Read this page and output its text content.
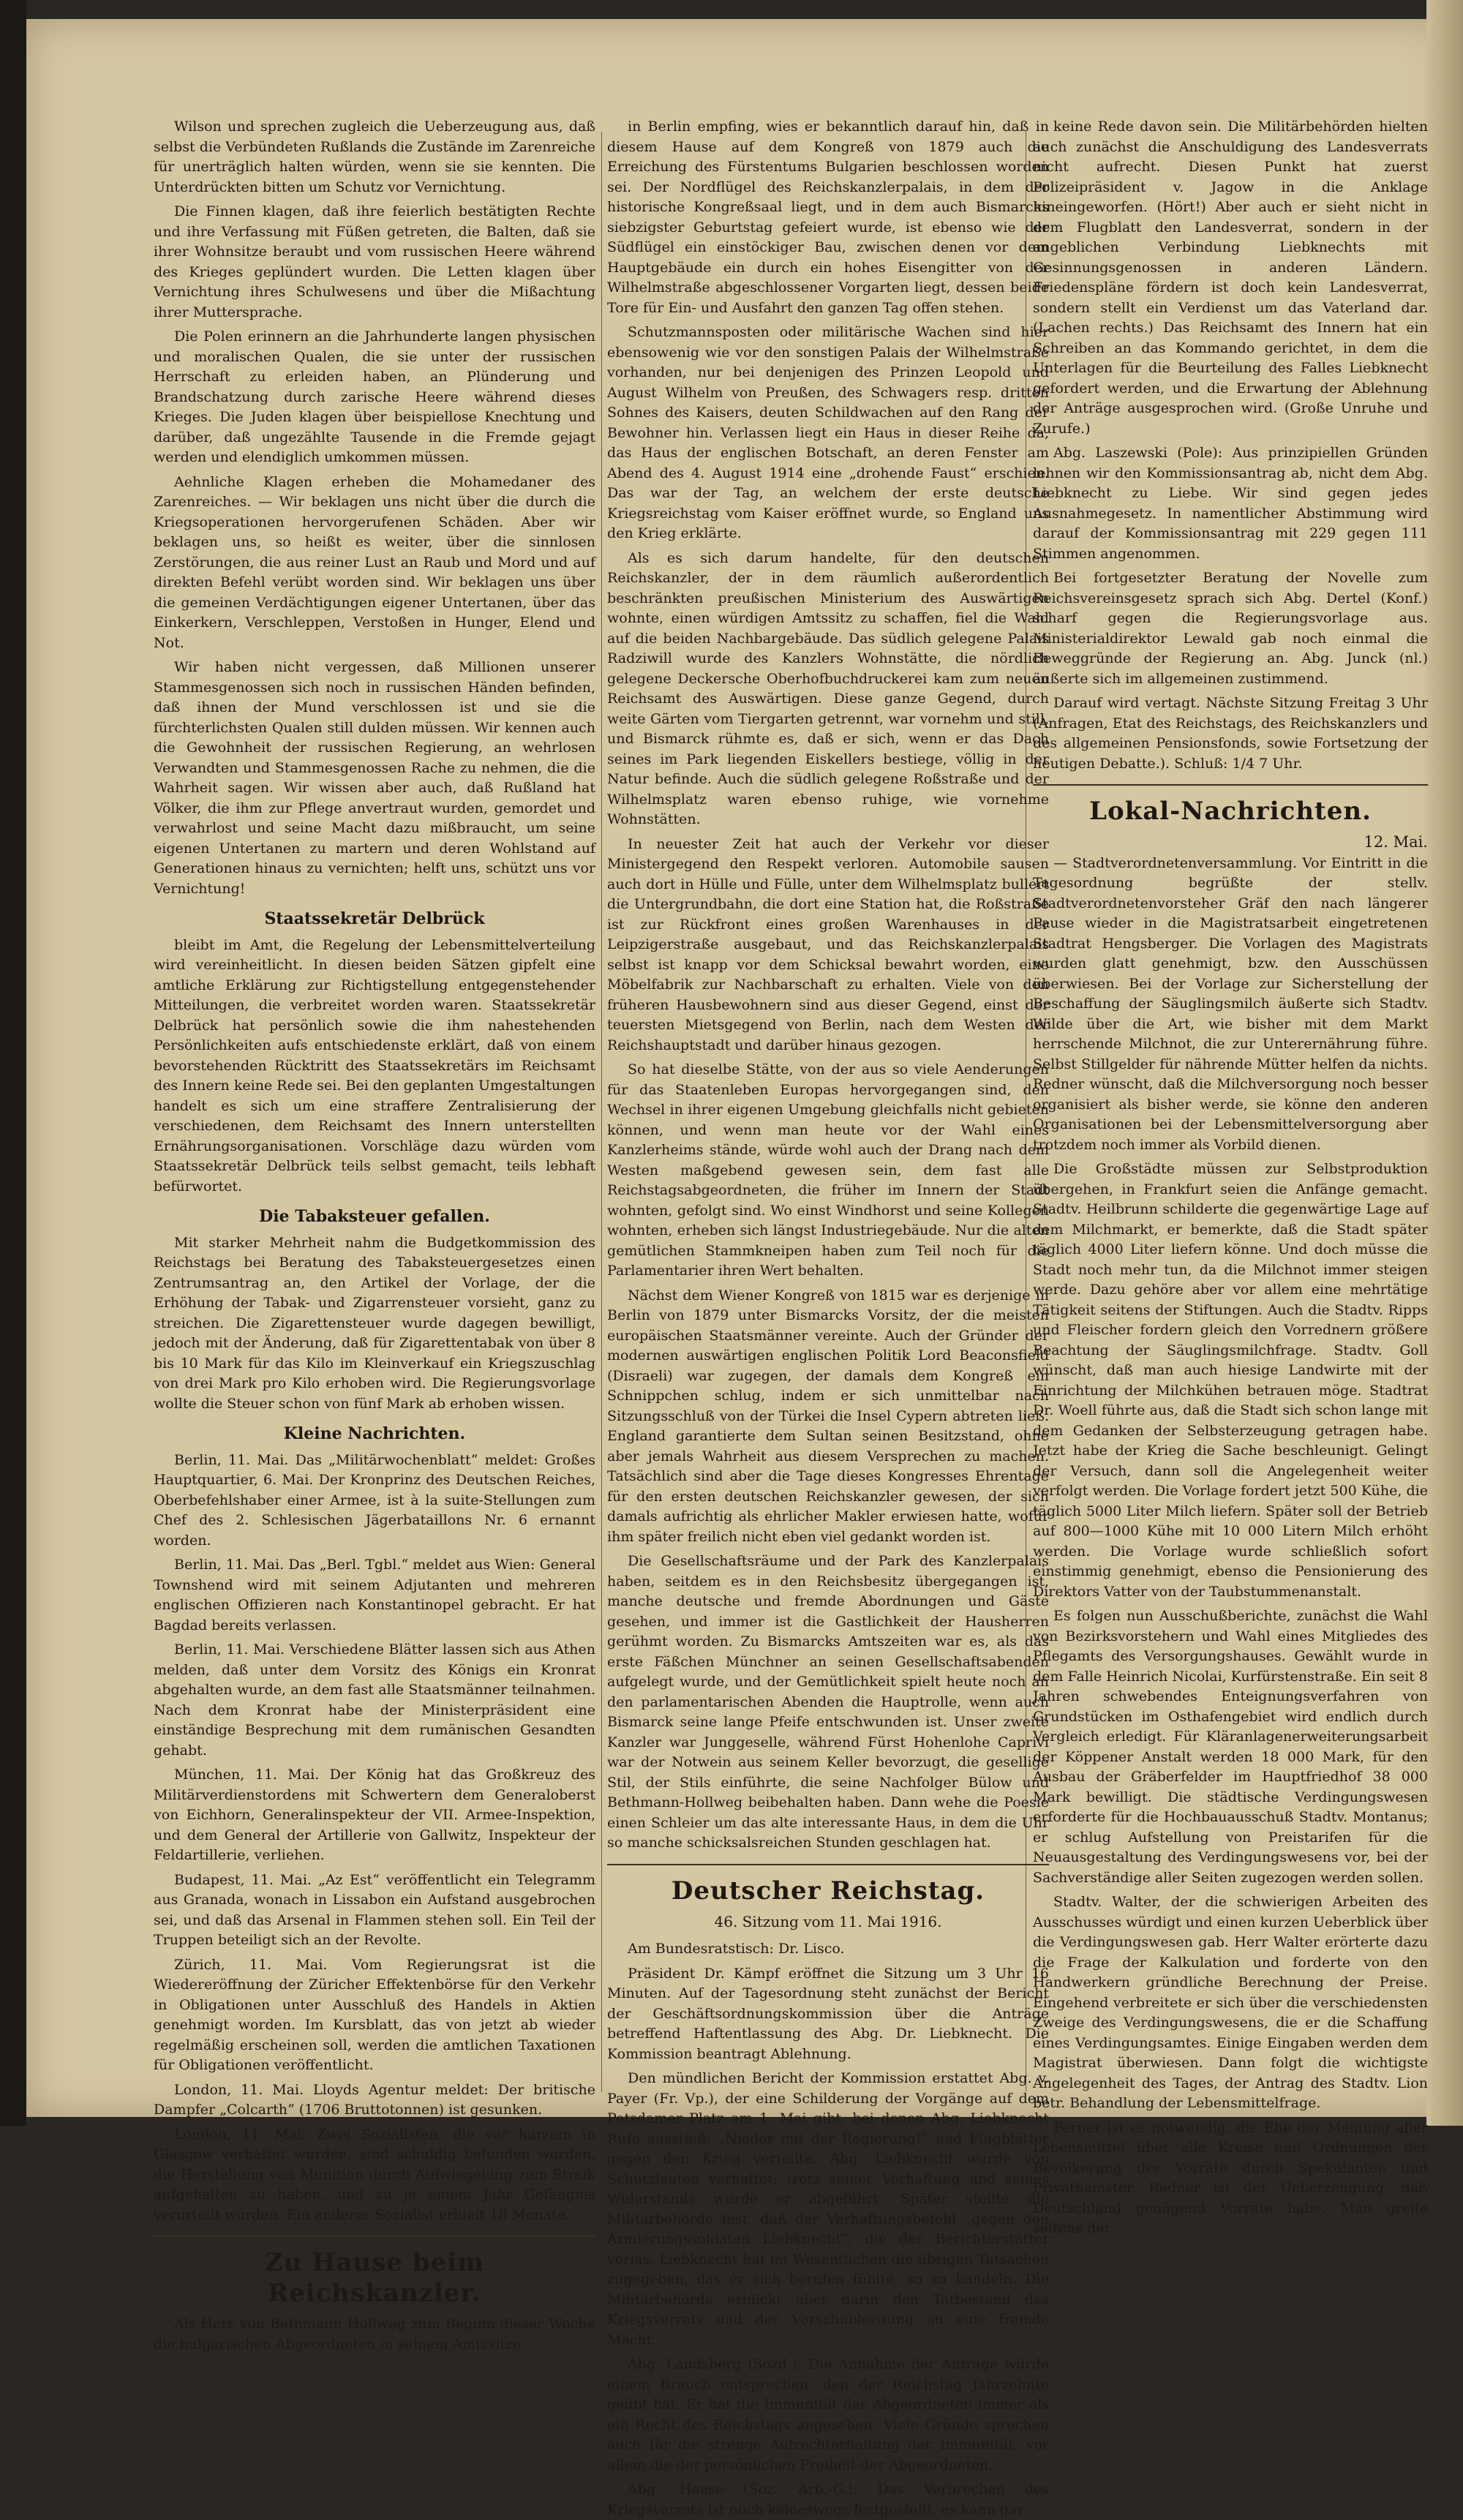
Wilson und sprechen zugleich die Ueberzeugung aus, daß selbst die Verbündeten Rußlands die Zustände im Zarenreiche für unerträglich halten würden, wenn sie sie kennten. Die Unterdrückten bitten um Schutz vor Vernichtung.

Die Finnen klagen, daß ihre feierlich bestätigten Rechte und ihre Verfassung mit Füßen getreten, die Balten, daß sie ihrer Wohnsitze beraubt und vom russischen Heere während des Krieges geplündert wurden. Die Letten klagen über Vernichtung ihres Schulwesens und über die Mißachtung ihrer Muttersprache.

Die Polen erinnern an die Jahrhunderte langen physischen und moralischen Qualen, die sie unter der russischen Herrschaft zu erleiden haben, an Plünderung und Brandschatzung durch zarische Heere während dieses Krieges. Die Juden klagen über beispiellose Knechtung und darüber, daß ungezählte Tausende in die Fremde gejagt werden und elendiglich umkommen müssen.

Aehnliche Klagen erheben die Mohamedaner des Zarenreiches. — Wir beklagen uns nicht über die durch die Kriegsoperationen hervorgerufenen Schäden. Aber wir beklagen uns, so heißt es weiter, über die sinnlosen Zerstörungen, die aus reiner Lust an Raub und Mord und auf direkten Befehl verübt worden sind. Wir beklagen uns über die gemeinen Verdächtigungen eigener Untertanen, über das Einkerkern, Verschleppen, Verstoßen in Hunger, Elend und Not.

Wir haben nicht vergessen, daß Millionen unserer Stammesgenossen sich noch in russischen Händen befinden, daß ihnen der Mund verschlossen ist und sie die fürchterlichsten Qualen still dulden müssen. Wir kennen auch die Gewohnheit der russischen Regierung, an wehrlosen Verwandten und Stammesgenossen Rache zu nehmen, die die Wahrheit sagen. Wir wissen aber auch, daß Rußland hat Völker, die ihm zur Pflege anvertraut wurden, gemordet und verwahrlost und seine Macht dazu mißbraucht, um seine eigenen Untertanen zu martern und deren Wohlstand auf Generationen hinaus zu vernichten; helft uns, schützt uns vor Vernichtung!

Staatssekretär Delbrück

bleibt im Amt, die Regelung der Lebensmittelverteilung wird vereinheitlicht. In diesen beiden Sätzen gipfelt eine amtliche Erklärung zur Richtigstellung entgegenstehender Mitteilungen, die verbreitet worden waren. Staatssekretär Delbrück hat persönlich sowie die ihm nahestehenden Persönlichkeiten aufs entschiedenste erklärt, daß von einem bevorstehenden Rücktritt des Staatssekretärs im Reichsamt des Innern keine Rede sei. Bei den geplanten Umgestaltungen handelt es sich um eine straffere Zentralisierung der verschiedenen, dem Reichsamt des Innern unterstellten Ernährungsorganisationen. Vorschläge dazu würden vom Staatssekretär Delbrück teils selbst gemacht, teils lebhaft befürwortet.

Die Tabaksteuer gefallen.

Mit starker Mehrheit nahm die Budgetkommission des Reichstags bei Beratung des Tabaksteuergesetzes einen Zentrumsantrag an, den Artikel der Vorlage, der die Erhöhung der Tabak- und Zigarrensteuer vorsieht, ganz zu streichen. Die Zigarettensteuer wurde dagegen bewilligt, jedoch mit der Änderung, daß für Zigarettentabak von über 8 bis 10 Mark für das Kilo im Kleinverkauf ein Kriegszuschlag von drei Mark pro Kilo erhoben wird. Die Regierungsvorlage wollte die Steuer schon von fünf Mark ab erhoben wissen.

Kleine Nachrichten.

Berlin, 11. Mai. Das „Militärwochenblatt“ meldet: Großes Hauptquartier, 6. Mai. Der Kronprinz des Deutschen Reiches, Oberbefehlshaber einer Armee, ist à la suite-Stellungen zum Chef des 2. Schlesischen Jägerbataillons Nr. 6 ernannt worden.

Berlin, 11. Mai. Das „Berl. Tgbl.“ meldet aus Wien: General Townshend wird mit seinem Adjutanten und mehreren englischen Offizieren nach Konstantinopel gebracht. Er hat Bagdad bereits verlassen.

Berlin, 11. Mai. Verschiedene Blätter lassen sich aus Athen melden, daß unter dem Vorsitz des Königs ein Kronrat abgehalten wurde, an dem fast alle Staatsmänner teilnahmen. Nach dem Kronrat habe der Ministerpräsident eine einständige Besprechung mit dem rumänischen Gesandten gehabt.

München, 11. Mai. Der König hat das Großkreuz des Militärverdienstordens mit Schwertern dem Generaloberst von Eichhorn, Generalinspekteur der VII. Armee-Inspektion, und dem General der Artillerie von Gallwitz, Inspekteur der Feldartillerie, verliehen.

Budapest, 11. Mai. „Az Est“ veröffentlicht ein Telegramm aus Granada, wonach in Lissabon ein Aufstand ausgebrochen sei, und daß das Arsenal in Flammen stehen soll. Ein Teil der Truppen beteiligt sich an der Revolte.

Zürich, 11. Mai. Vom Regierungsrat ist die Wiedereröffnung der Züricher Effektenbörse für den Verkehr in Obligationen unter Ausschluß des Handels in Aktien genehmigt worden. Im Kursblatt, das von jetzt ab wieder regelmäßig erscheinen soll, werden die amtlichen Taxationen für Obligationen veröffentlicht.

London, 11. Mai. Lloyds Agentur meldet: Der britische Dampfer „Colcarth“ (1706 Bruttotonnen) ist gesunken.

London, 11. Mai. Zwei Sozialisten, die vor kurzem in Glasgow verhaftet wurden, sind schuldig befunden worden, die Herstellung von Munition durch Aufwiegelung zum Streik aufgehalten zu haben, und zu je einem Jahr Gefängnis verurteilt worden. Ein anderer Sozialist erhielt 18 Monate.

Zu Hause beim Reichskanzler.

Als Herr von Bethmann Hollweg zum Beginn dieser Woche die bulgarischen Abgeordneten in seinem Amtssitze

in Berlin empfing, wies er bekanntlich darauf hin, daß in diesem Hause auf dem Kongreß von 1879 auch die Erreichung des Fürstentums Bulgarien beschlossen worden sei. Der Nordflügel des Reichskanzlerpalais, in dem der historische Kongreßsaal liegt, und in dem auch Bismarcks siebzigster Geburtstag gefeiert wurde, ist ebenso wie der Südflügel ein einstöckiger Bau, zwischen denen vor dem Hauptgebäude ein durch ein hohes Eisengitter von der Wilhelmstraße abgeschlossener Vorgarten liegt, dessen beide Tore für Ein- und Ausfahrt den ganzen Tag offen stehen.

Schutzmannsposten oder militärische Wachen sind hier ebensowenig wie vor den sonstigen Palais der Wilhelmstraße vorhanden, nur bei denjenigen des Prinzen Leopold und August Wilhelm von Preußen, des Schwagers resp. dritten Sohnes des Kaisers, deuten Schildwachen auf den Rang der Bewohner hin. Verlassen liegt ein Haus in dieser Reihe da, das Haus der englischen Botschaft, an deren Fenster am Abend des 4. August 1914 eine „drohende Faust“ erschien. Das war der Tag, an welchem der erste deutsche Kriegsreichstag vom Kaiser eröffnet wurde, so England uns den Krieg erklärte.

Als es sich darum handelte, für den deutschen Reichskanzler, der in dem räumlich außerordentlich beschränkten preußischen Ministerium des Auswärtigen wohnte, einen würdigen Amtssitz zu schaffen, fiel die Wahl auf die beiden Nachbargebäude. Das südlich gelegene Palais Radziwill wurde des Kanzlers Wohnstätte, die nördlich gelegene Deckersche Oberhofbuchdruckerei kam zum neuen Reichsamt des Auswärtigen. Diese ganze Gegend, durch weite Gärten vom Tiergarten getrennt, war vornehm und still, und Bismarck rühmte es, daß er sich, wenn er das Dach seines im Park liegenden Eiskellers bestiege, völlig in der Natur befinde. Auch die südlich gelegene Roßstraße und der Wilhelmsplatz waren ebenso ruhige, wie vornehme Wohnstätten.

In neuester Zeit hat auch der Verkehr vor dieser Ministergegend den Respekt verloren. Automobile sausen auch dort in Hülle und Fülle, unter dem Wilhelmsplatz bullert die Untergrundbahn, die dort eine Station hat, die Roßstraße ist zur Rückfront eines großen Warenhauses in der Leipzigerstraße ausgebaut, und das Reichskanzlerpalais selbst ist knapp vor dem Schicksal bewahrt worden, eine Möbelfabrik zur Nachbarschaft zu erhalten. Viele von den früheren Hausbewohnern sind aus dieser Gegend, einst der teuersten Mietsgegend von Berlin, nach dem Westen der Reichshauptstadt und darüber hinaus gezogen.

So hat dieselbe Stätte, von der aus so viele Aenderungen für das Staatenleben Europas hervorgegangen sind, den Wechsel in ihrer eigenen Umgebung gleichfalls nicht gebieten können, und wenn man heute vor der Wahl eines Kanzlerheims stände, würde wohl auch der Drang nach dem Westen maßgebend gewesen sein, dem fast alle Reichstagsabgeordneten, die früher im Innern der Stadt wohnten, gefolgt sind. Wo einst Windhorst und seine Kollegen wohnten, erheben sich längst Industriegebäude. Nur die alten gemütlichen Stammkneipen haben zum Teil noch für die Parlamentarier ihren Wert behalten.

Nächst dem Wiener Kongreß von 1815 war es derjenige in Berlin von 1879 unter Bismarcks Vorsitz, der die meisten europäischen Staatsmänner vereinte. Auch der Gründer der modernen auswärtigen englischen Politik Lord Beaconsfield (Disraeli) war zugegen, der damals dem Kongreß ein Schnippchen schlug, indem er sich unmittelbar nach Sitzungsschluß von der Türkei die Insel Cypern abtreten ließ. England garantierte dem Sultan seinen Besitzstand, ohne aber jemals Wahrheit aus diesem Versprechen zu machen. Tatsächlich sind aber die Tage dieses Kongresses Ehrentage für den ersten deutschen Reichskanzler gewesen, der sich damals aufrichtig als ehrlicher Makler erwiesen hatte, wofür ihm später freilich nicht eben viel gedankt worden ist.

Die Gesellschaftsräume und der Park des Kanzlerpalais haben, seitdem es in den Reichsbesitz übergegangen ist, manche deutsche und fremde Abordnungen und Gäste gesehen, und immer ist die Gastlichkeit der Hausherren gerühmt worden. Zu Bismarcks Amtszeiten war es, als das erste Fäßchen Münchner an seinen Gesellschaftsabenden aufgelegt wurde, und der Gemütlichkeit spielt heute noch an den parlamentarischen Abenden die Hauptrolle, wenn auch Bismarck seine lange Pfeife entschwunden ist. Unser zweite Kanzler war Junggeselle, während Fürst Hohenlohe Caprivi war der Notwein aus seinem Keller bevorzugt, die gesellige Stil, der Stils einführte, die seine Nachfolger Bülow und Bethmann-Hollweg beibehalten haben. Dann wehe die Poesie einen Schleier um das alte interessante Haus, in dem die Uhr so manche schicksalsreichen Stunden geschlagen hat.

Deutscher Reichstag.

46. Sitzung vom 11. Mai 1916.

Am Bundesratstisch: Dr. Lisco.

Präsident Dr. Kämpf eröffnet die Sitzung um 3 Uhr 16 Minuten. Auf der Tagesordnung steht zunächst der Bericht der Geschäftsordnungskommission über die Anträge betreffend Haftentlassung des Abg. Dr. Liebknecht. Die Kommission beantragt Ablehnung.

Den mündlichen Bericht der Kommission erstattet Abg. v. Payer (Fr. Vp.), der eine Schilderung der Vorgänge auf dem Potsdamer Platz am 1. Mai gibt, bei denen Abg. Liebknecht Rufe ausstieß: „Nieder mit der Regierung!“ und Flugblätter gegen den Krieg verteilte. Abg. Liebknecht wurde von Schutzleuten verhaftet; trotz seiner Verhaftung und seines Widerstands wurde er abgeführt. Später stellte die Militärbehörde fest, daß der Verhaftungsbefehl „gegen den Armierungssoldaten Liebknecht“, die der Berichterstatter vorlas. Liebknecht hat im Wesentlichen die übrigen Tatsachen zugegeben, das er sich berufen fühlte, so zu handeln. Die Militärbehörde erblickt aber darin den Tatbestand des Kriegsverrats und der Vorschubleistung an eine fremde Macht.

Abg. Landsberg (Sozd.): Die Annahme der Anträge würde einem Brauch entsprechen, den der Reichstag Jahrzehnte geübt hat. Er hat die Immunität der Abgeordneten immer als ein Recht des Reichstags angesehen. Viele Gründe sprechen auch für die strenge Aufrechterhaltung der Immunität, vor allem die der persönlichen Freiheit der Abgeordneten.

Abg. Haase (Soz. Arb.-G.): Das Verbrechen des Kriegsverrats ist noch keineswegs festgestellt, es kann gar

keine Rede davon sein. Die Militärbehörden hielten auch zunächst die Anschuldigung des Landesverrats nicht aufrecht. Diesen Punkt hat zuerst Polizeipräsident v. Jagow in die Anklage hineingeworfen. (Hört!) Aber auch er sieht nicht in dem Flugblatt den Landesverrat, sondern in der angeblichen Verbindung Liebknechts mit Gesinnungsgenossen in anderen Ländern. Friedenspläne fördern ist doch kein Landesverrat, sondern stellt ein Verdienst um das Vaterland dar. (Lachen rechts.) Das Reichsamt des Innern hat ein Schreiben an das Kommando gerichtet, in dem die Unterlagen für die Beurteilung des Falles Liebknecht gefordert werden, und die Erwartung der Ablehnung der Anträge ausgesprochen wird. (Große Unruhe und Zurufe.)

Abg. Laszewski (Pole): Aus prinzipiellen Gründen lehnen wir den Kommissionsantrag ab, nicht dem Abg. Liebknecht zu Liebe. Wir sind gegen jedes Ausnahmegesetz. In namentlicher Abstimmung wird darauf der Kommissionsantrag mit 229 gegen 111 Stimmen angenommen.

Bei fortgesetzter Beratung der Novelle zum Reichsvereinsgesetz sprach sich Abg. Dertel (Konf.) scharf gegen die Regierungsvorlage aus. Ministerialdirektor Lewald gab noch einmal die Beweggründe der Regierung an. Abg. Junck (nl.) äußerte sich im allgemeinen zustimmend.

Darauf wird vertagt. Nächste Sitzung Freitag 3 Uhr (Anfragen, Etat des Reichstags, des Reichskanzlers und des allgemeinen Pensionsfonds, sowie Fortsetzung der heutigen Debatte.). Schluß: 1/4 7 Uhr.

Lokal-Nachrichten.

12. Mai.

— Stadtverordnetenversammlung. Vor Eintritt in die Tagesordnung begrüßte der stellv. Stadtverordnetenvorsteher Gräf den nach längerer Pause wieder in die Magistratsarbeit eingetretenen Stadtrat Hengsberger. Die Vorlagen des Magistrats wurden glatt genehmigt, bzw. den Ausschüssen überwiesen. Bei der Vorlage zur Sicherstellung der Beschaffung der Säuglingsmilch äußerte sich Stadtv. Wilde über die Art, wie bisher mit dem Markt herrschende Milchnot, die zur Unterernährung führe. Selbst Stillgelder für nährende Mütter helfen da nichts. Redner wünscht, daß die Milchversorgung noch besser organisiert als bisher werde, sie könne den anderen Organisationen bei der Lebensmittelversorgung aber trotzdem noch immer als Vorbild dienen.

Die Großstädte müssen zur Selbstproduktion übergehen, in Frankfurt seien die Anfänge gemacht. Stadtv. Heilbrunn schilderte die gegenwärtige Lage auf dem Milchmarkt, er bemerkte, daß die Stadt später täglich 4000 Liter liefern könne. Und doch müsse die Stadt noch mehr tun, da die Milchnot immer steigen werde. Dazu gehöre aber vor allem eine mehrtätige Tätigkeit seitens der Stiftungen. Auch die Stadtv. Ripps und Fleischer fordern gleich den Vorrednern größere Beachtung der Säuglingsmilchfrage. Stadtv. Goll wünscht, daß man auch hiesige Landwirte mit der Einrichtung der Milchkühen betrauen möge. Stadtrat Dr. Woell führte aus, daß die Stadt sich schon lange mit dem Gedanken der Selbsterzeugung getragen habe. Jetzt habe der Krieg die Sache beschleunigt. Gelingt der Versuch, dann soll die Angelegenheit weiter verfolgt werden. Die Vorlage fordert jetzt 500 Kühe, die täglich 5000 Liter Milch liefern. Später soll der Betrieb auf 800—1000 Kühe mit 10 000 Litern Milch erhöht werden. Die Vorlage wurde schließlich sofort einstimmig genehmigt, ebenso die Pensionierung des Direktors Vatter von der Taubstummenanstalt.

Es folgen nun Ausschußberichte, zunächst die Wahl von Bezirksvorstehern und Wahl eines Mitgliedes des Pflegamts des Versorgungshauses. Gewählt wurde in dem Falle Heinrich Nicolai, Kurfürstenstraße. Ein seit 8 Jahren schwebendes Enteignungsverfahren von Grundstücken im Osthafengebiet wird endlich durch Vergleich erledigt. Für Kläranlagenerweiterungsarbeit der Köppener Anstalt werden 18 000 Mark, für den Ausbau der Gräberfelder im Hauptfriedhof 38 000 Mark bewilligt. Die städtische Verdingungswesen erforderte für die Hochbauausschuß Stadtv. Montanus; er schlug Aufstellung von Preistarifen für die Neuausgestaltung des Verdingungswesens vor, bei der Sachverständige aller Seiten zugezogen werden sollen.

Stadtv. Walter, der die schwierigen Arbeiten des Ausschusses würdigt und einen kurzen Ueberblick über die Verdingungswesen gab. Herr Walter erörterte dazu die Frage der Kalkulation und forderte von den Handwerkern gründliche Berechnung der Preise. Eingehend verbreitete er sich über die verschiedensten Zweige des Verdingungswesens, die er die Schaffung eines Verdingungsamtes. Einige Eingaben werden dem Magistrat überwiesen. Dann folgt die wichtigste Angelegenheit des Tages, der Antrag des Stadtv. Lion betr. Behandlung der Lebensmittelfrage.

Ferner ist es notwendig, die Ehe der Meinung aller Lebensmittel über alle Kreise und Ordnungen der Bevölkerung der Vorräte durch Spekulanten und Privathamster. Redner ist der Ueberzeugung, daß Deutschland genügend Vorräte habe. Man greife seitens der
